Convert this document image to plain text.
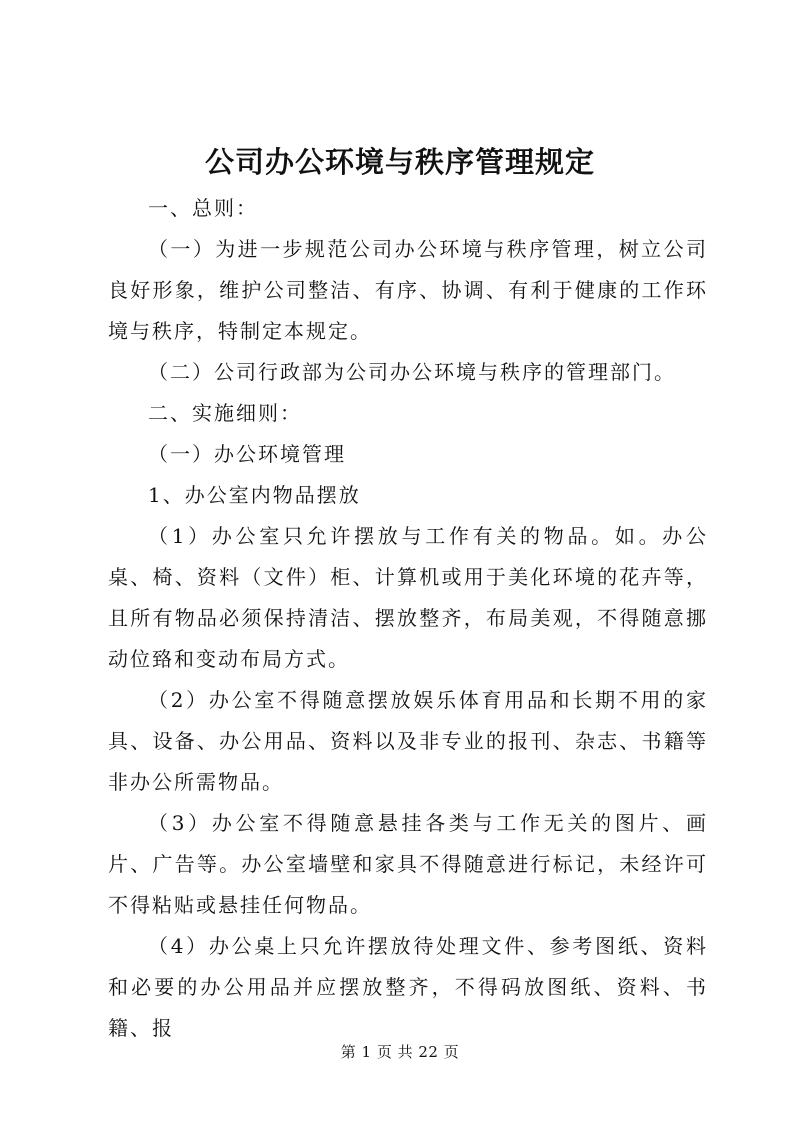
公司办公环境与秩序管理规定

一、总则：

（一）为进一步规范公司办公环境与秩序管理，树立公司良好形象，维护公司整洁、有序、协调、有利于健康的工作环境与秩序，特制定本规定。

（二）公司行政部为公司办公环境与秩序的管理部门。

二、实施细则：

（一）办公环境管理

1、办公室内物品摆放

（1）办公室只允许摆放与工作有关的物品。如。办公桌、椅、资料（文件）柜、计算机或用于美化环境的花卉等，且所有物品必须保持清洁、摆放整齐，布局美观，不得随意挪动位臵和变动布局方式。

（2）办公室不得随意摆放娱乐体育用品和长期不用的家具、设备、办公用品、资料以及非专业的报刊、杂志、书籍等非办公所需物品。

（3）办公室不得随意悬挂各类与工作无关的图片、画片、广告等。办公室墙壁和家具不得随意进行标记，未经许可不得粘贴或悬挂任何物品。

（4）办公桌上只允许摆放待处理文件、参考图纸、资料和必要的办公用品并应摆放整齐，不得码放图纸、资料、书籍、报

第 1 页 共 22 页
